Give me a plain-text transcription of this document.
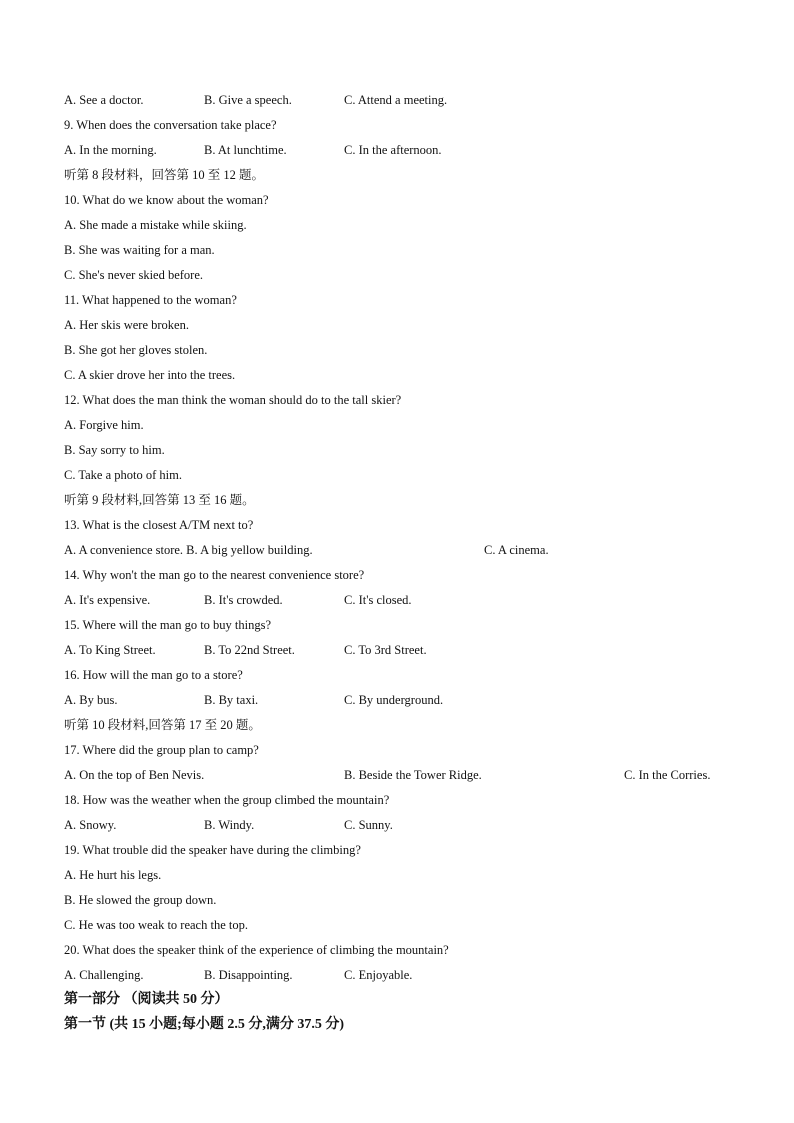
A. See a doctor.	B. Give a speech.	C. Attend a meeting.
9. When does the conversation take place?
A. In the morning.	B. At lunchtime.	C. In the afternoon.
听第 8 段材料，回答第 10 至 12 题。
10. What do we know about the woman?
A. She made a mistake while skiing.
B. She was waiting for a man.
C. She's never skied before.
11. What happened to the woman?
A. Her skis were broken.
B. She got her gloves stolen.
C. A skier drove her into the trees.
12. What does the man think the woman should do to the tall skier?
A. Forgive him.
B. Say sorry to him.
C. Take a photo of him.
听第 9 段材料,回答第 13 至 16 题。
13. What is the closest A/TM next to?
A. A convenience store. B. A big yellow building.	C. A cinema.
14. Why won't the man go to the nearest convenience store?
A. It's expensive.	B. It's crowded.	C. It's closed.
15. Where will the man go to buy things?
A. To King Street.	B. To 22nd Street.	C. To 3rd Street.
16. How will the man go to a store?
A. By bus.	B. By taxi.	C. By underground.
听第 10 段材料,回答第 17 至 20 题。
17. Where did the group plan to camp?
A. On the top of Ben Nevis.	B. Beside the Tower Ridge.	C. In the Corries.
18. How was the weather when the group climbed the mountain?
A. Snowy.	B. Windy.	C. Sunny.
19. What trouble did the speaker have during the climbing?
A. He hurt his legs.
B. He slowed the group down.
C. He was too weak to reach the top.
20. What does the speaker think of the experience of climbing the mountain?
A. Challenging.	B. Disappointing.	C. Enjoyable.
第一部分 （阅读共 50 分）
第一节 (共 15 小题;每小题 2.5 分,满分 37.5 分)
